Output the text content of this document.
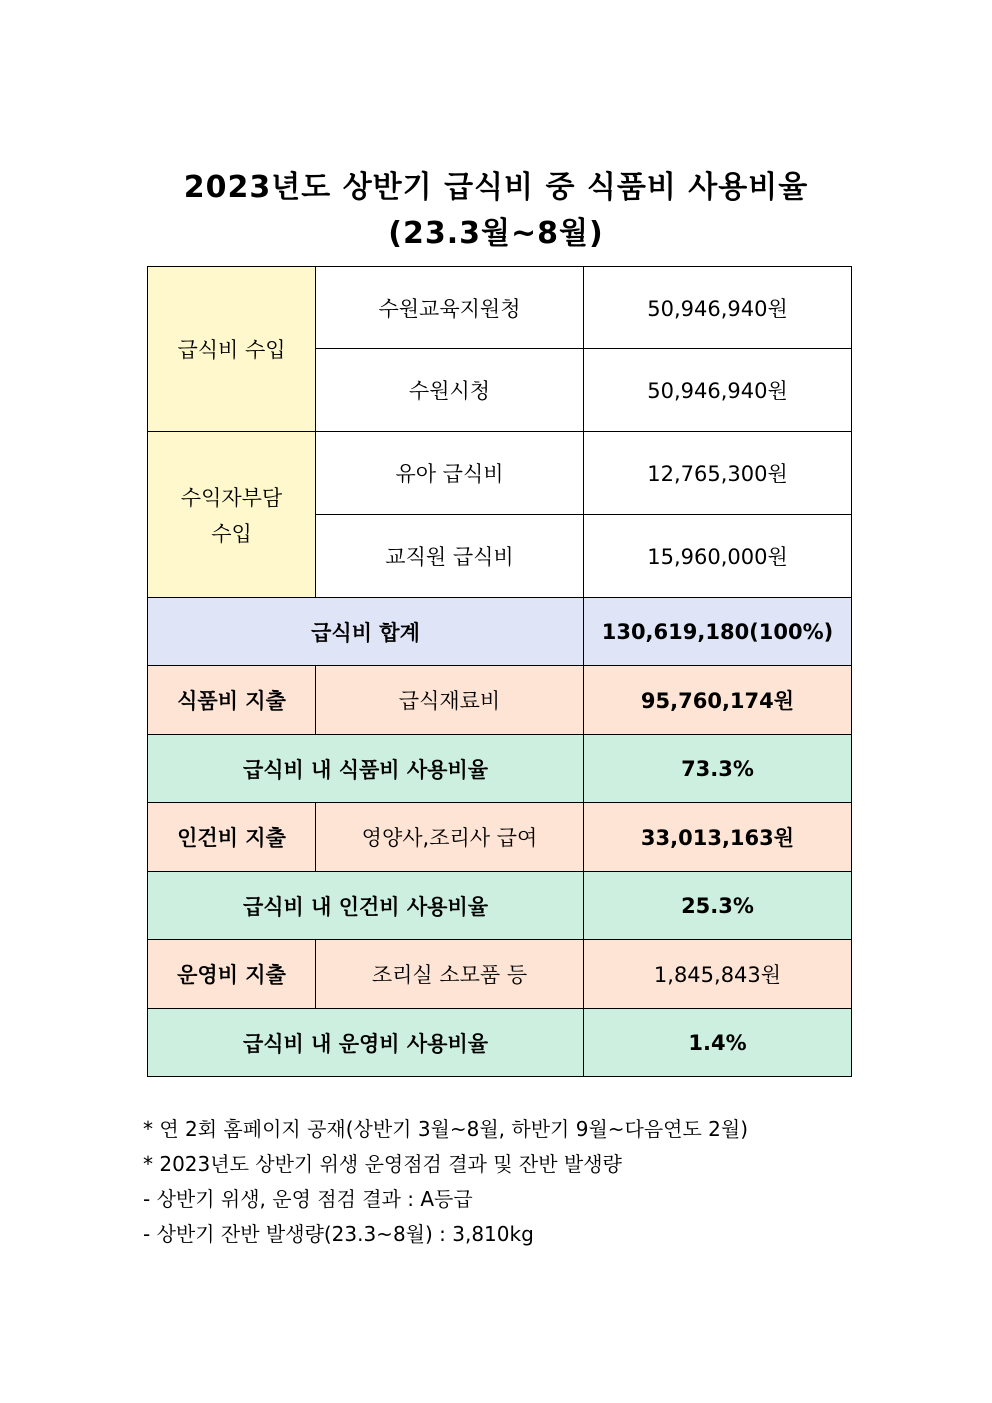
2023년도 상반기 급식비 중 식품비 사용비율
(23.3월~8월)
급식비 수입	수원교육지원청	50,946,940원
	수원시청	50,946,940원

수익자부담
수입	유아 급식비	12,765,300원
	교직원 급식비	15,960,000원
급식비 합계		130,619,180(100%)
식품비 지출	급식재료비	95,760,174원
급식비 내 식품비 사용비율		73.3%
인건비 지출	영양사,조리사 급여	33,013,163원
급식비 내 인건비 사용비율		25.3%
운영비 지출	조리실 소모품 등	1,845,843원
급식비 내 운영비 사용비율		1.4%
* 연 2회 홈페이지 공재(상반기 3월~8월, 하반기 9월~다음연도 2월)
* 2023년도 상반기 위생 운영점검 결과 및 잔반 발생량
- 상반기 위생, 운영 점검 결과 : A등급
- 상반기 잔반 발생량(23.3~8월) : 3,810kg
